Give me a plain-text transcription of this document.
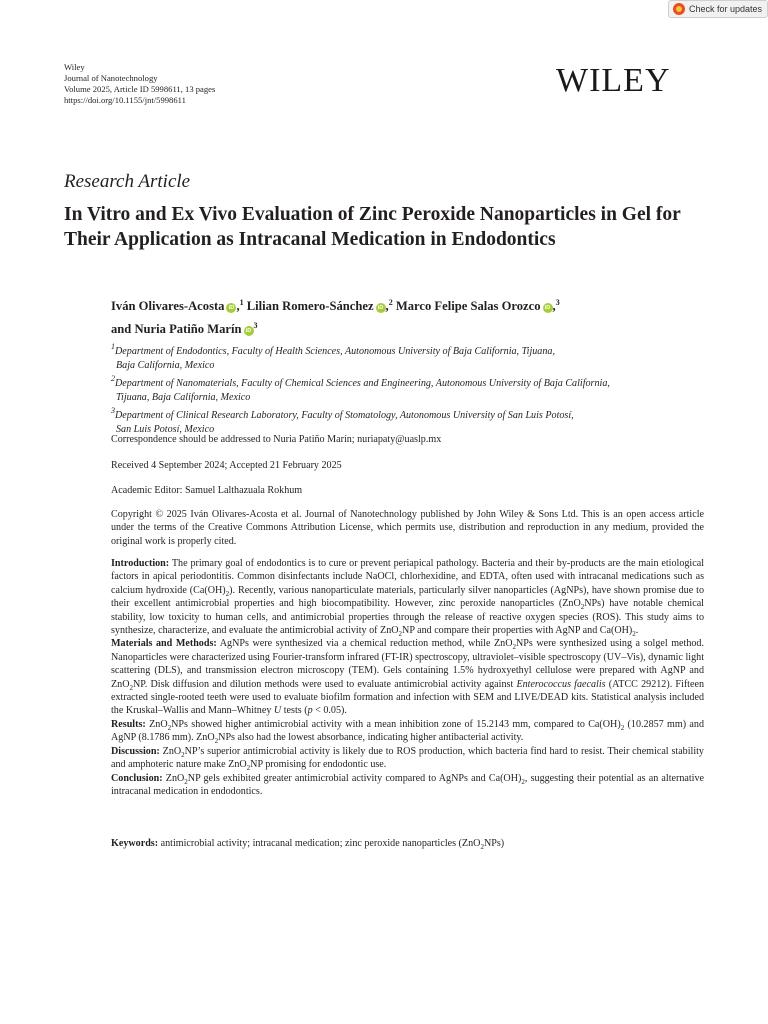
Check for updates
Wiley
Journal of Nanotechnology
Volume 2025, Article ID 5998611, 13 pages
https://doi.org/10.1155/jnt/5998611
WILEY
Research Article
In Vitro and Ex Vivo Evaluation of Zinc Peroxide Nanoparticles in Gel for Their Application as Intracanal Medication in Endodontics
Iván Olivares-Acosta iD ,$^1$ Lilian Romero-Sánchez iD ,$^2$ Marco Felipe Salas Orozco iD ,$^3$
and Nuria Patiño Marín $iD^3$
$^1$Department of Endodontics, Faculty of Health Sciences, Autonomous University of Baja California, Tijuana,
Baja California, Mexico
$^2$Department of Nanomaterials, Faculty of Chemical Sciences and Engineering, Autonomous University of Baja California,
Tijuana, Baja California, Mexico
$^3$Department of Clinical Research Laboratory, Faculty of Stomatology, Autonomous University of San Luis Potosí,
San Luis Potosí, Mexico
Correspondence should be addressed to Nuria Patiño Marín; nuriapaty@uaslp.mx
Received 4 September 2024; Accepted 21 February 2025
Academic Editor: Samuel Lalthazuala Rokhum
Copyright © 2025 Iván Olivares-Acosta et al. Journal of Nanotechnology published by John Wiley & Sons Ltd. This is an open access article under the terms of the Creative Commons Attribution License, which permits use, distribution and reproduction in any medium, provided the original work is properly cited.

Introduction: The primary goal of endodontics is to cure or prevent periapical pathology. Bacteria and their by-products are the main etiological factors in apical periodontitis. Common disinfectants include NaOCl, chlorhexidine, and EDTA, often used with intracanal medications such as calcium hydroxide $(Ca(OH)_2)$. Recently, various nanoparticulate materials, particularly silver nanoparticles (AgNPs), have shown promise due to their excellent antimicrobial properties and high biocompatibility. However, zinc peroxide nanoparticles (ZnO$_2$NPs) have notable chemical stability, low toxicity to human cells, and antimicrobial properties through the release of reactive oxygen species (ROS). This study aims to synthesize, characterize, and evaluate the antimicrobial activity of ZnO$_2$NP and compare their properties with AgNP and $Ca(OH)_2$.

Materials and Methods: AgNPs were synthesized via a chemical reduction method, while ZnO$_2$NPs were synthesized using a solgel method. Nanoparticles were characterized using Fourier-transform infrared (FT-IR) spectroscopy, ultraviolet–visible spectroscopy (UV–Vis), dynamic light scattering (DLS), and transmission electron microscopy (TEM). Gels containing 1.5% hydroxyethyl cellulose were prepared with AgNP and ZnO$_2$NP. Disk diffusion and dilution methods were used to evaluate antimicrobial activity against Enterococcus faecalis (ATCC 29212). Fifteen extracted single-rooted teeth were used to evaluate biofilm formation and infection with SEM and LIVE/DEAD kits. Statistical analysis included the Kruskal–Wallis and Mann–Whitney U tests (p < 0.05).

Results: ZnO$_2$NPs showed higher antimicrobial activity with a mean inhibition zone of 15.2143 mm, compared to $Ca(OH)_2$ (10.2857 mm) and AgNP (8.1786 mm). ZnO$_2$NPs also had the lowest absorbance, indicating higher antibacterial activity.

Discussion: ZnO$_2$NP’s superior antimicrobial activity is likely due to ROS production, which bacteria find hard to resist. Their chemical stability and amphoteric nature make ZnO$_2$NP promising for endodontic use.

Conclusion: ZnO$_2$NP gels exhibited greater antimicrobial activity compared to AgNPs and $Ca(OH)_2$, suggesting their potential as an alternative intracanal medication in endodontics.

Keywords: antimicrobial activity; intracanal medication; zinc peroxide nanoparticles (ZnO$_2$NPs)
